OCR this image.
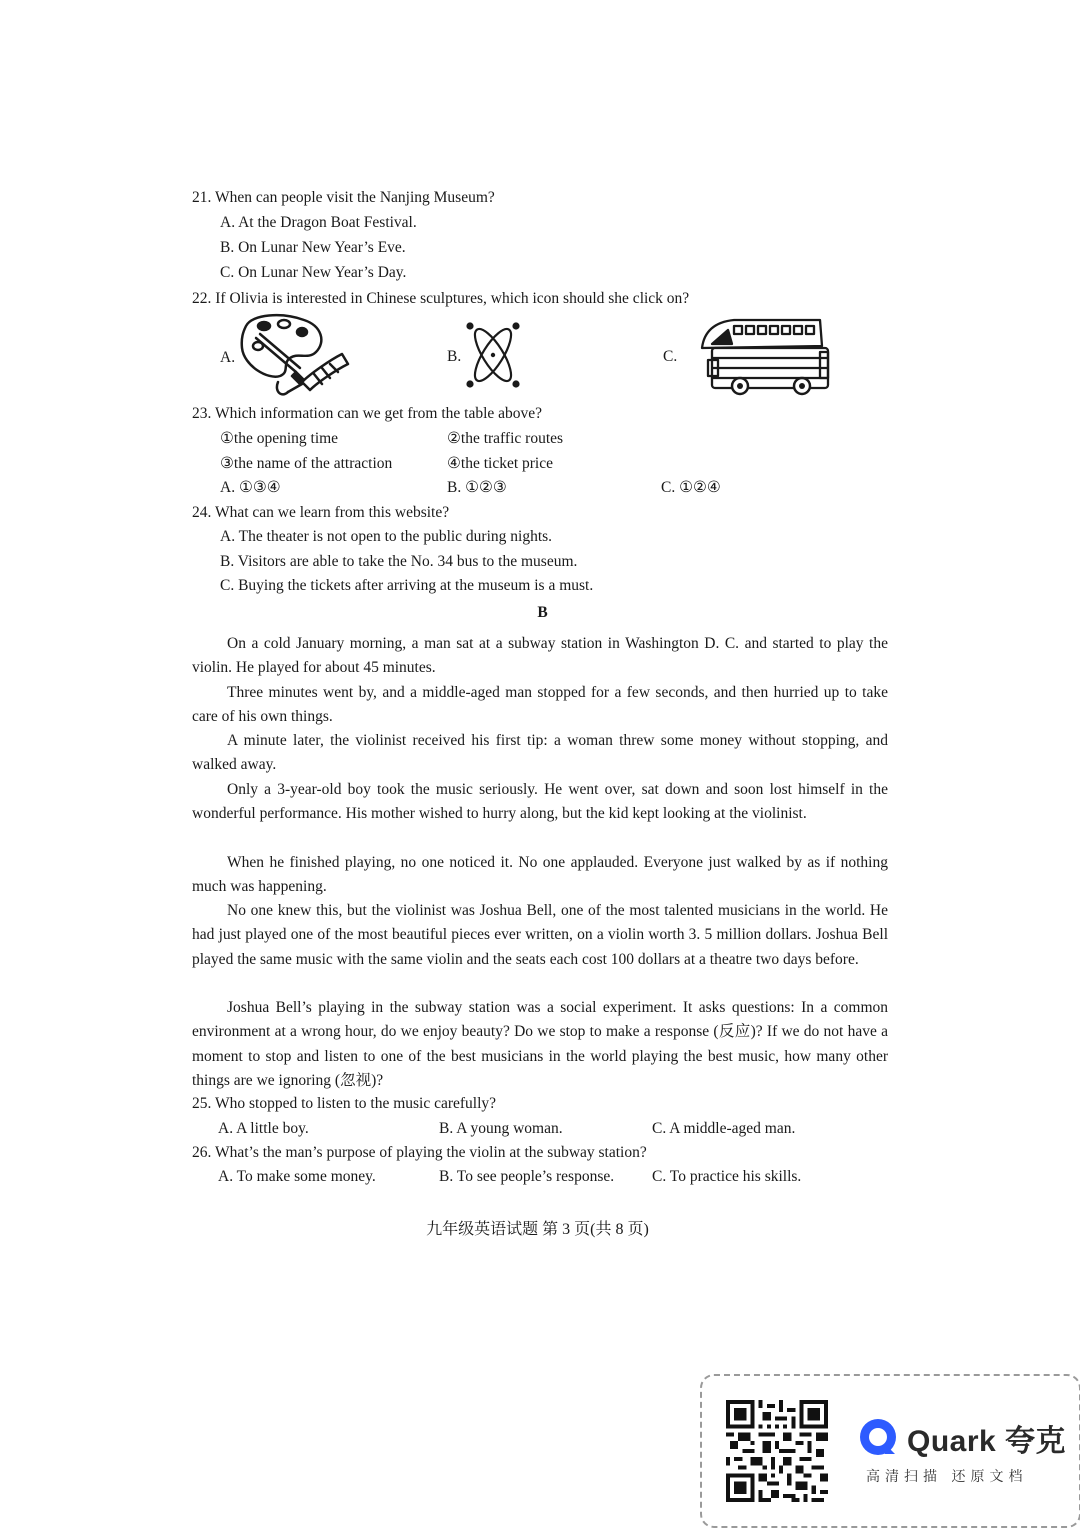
21. When can people visit the Nanjing Museum?
A. At the Dragon Boat Festival.
B. On Lunar New Year’s Eve.
C. On Lunar New Year’s Day.
22. If Olivia is interested in Chinese sculptures, which icon should she click on?
A.	B.	C.
23. Which information can we get from the table above?
①the opening time	②the traffic routes
③the name of the attraction	④the ticket price
A. ①③④	B. ①②③	C. ①②④
24. What can we learn from this website?
A. The theater is not open to the public during nights.
B. Visitors are able to take the No. 34 bus to the museum.
C. Buying the tickets after arriving at the museum is a must.
B

On a cold January morning, a man sat at a subway station in Washington D. C. and started to play the violin. He played for about 45 minutes.

Three minutes went by, and a middle-aged man stopped for a few seconds, and then hurried up to take care of his own things.

A minute later, the violinist received his first tip: a woman threw some money without stopping, and walked away.

Only a 3-year-old boy took the music seriously. He went over, sat down and soon lost himself in the wonderful performance. His mother wished to hurry along, but the kid kept looking at the violinist.

When he finished playing, no one noticed it. No one applauded. Everyone just walked by as if nothing much was happening.

No one knew this, but the violinist was Joshua Bell, one of the most talented musicians in the world. He had just played one of the most beautiful pieces ever written, on a violin worth 3. 5 million dollars. Joshua Bell played the same music with the same violin and the seats each cost 100 dollars at a theatre two days before.

Joshua Bell’s playing in the subway station was a social experiment. It asks questions: In a common environment at a wrong hour, do we enjoy beauty? Do we stop to make a response (反应)? If we do not have a moment to stop and listen to one of the best musicians in the world playing the best music, how many other things are we ignoring (忽视)?

25. Who stopped to listen to the music carefully?
A. A little boy.	B. A young woman.	C. A middle-aged man.
26. What’s the man’s purpose of playing the violin at the subway station?
A. To make some money.	B. To see people’s response. C. To practice his skills.
九年级英语试题 第 3 页(共 8 页)
Quark 夸克
高清扫描 还原文档
